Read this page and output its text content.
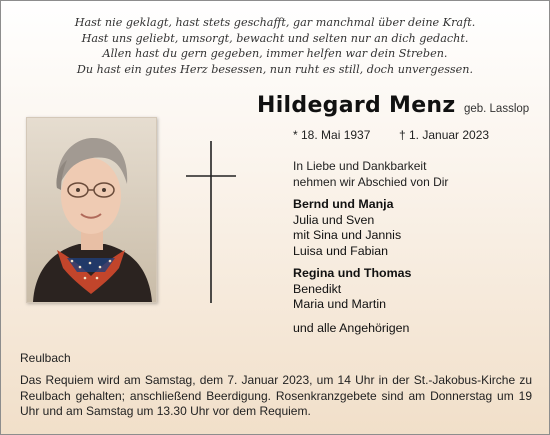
Hast nie geklagt, hast stets geschafft, gar manchmal über deine Kraft.
Hast uns geliebt, umsorgt, bewacht und selten nur an dich gedacht.
Allen hast du gern gegeben, immer helfen war dein Streben.
Du hast ein gutes Herz besessen, nun ruht es still, doch unvergessen.
Hildegard Menz geb. Lasslop
* 18. Mai 1937 † 1. Januar 2023
In Liebe und Dankbarkeit
nehmen wir Abschied von Dir
Bernd und Manja
Julia und Sven
mit Sina und Jannis
Luisa und Fabian
Regina und Thomas
Benedikt
Maria und Martin
und alle Angehörigen
Reulbach
Das Requiem wird am Samstag, dem 7. Januar 2023, um 14 Uhr in der St.-Jakobus-Kirche zu Reulbach gehalten; anschließend Beerdigung. Rosenkranzgebete sind am Donnerstag um 19 Uhr und am Samstag um 13.30 Uhr vor dem Requiem.
